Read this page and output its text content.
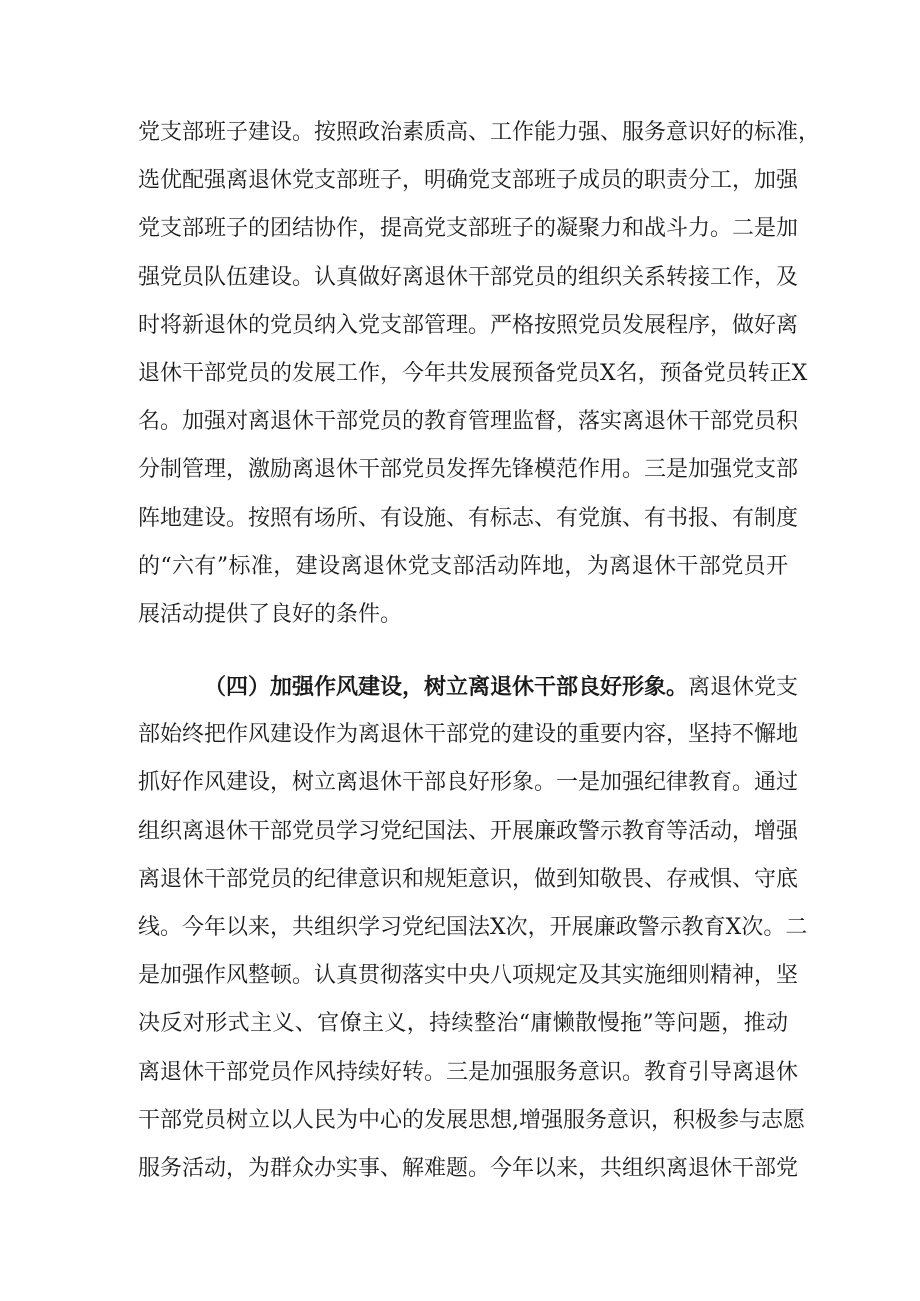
党支部班子建设。按照政治素质高、工作能力强、服务意识好的标准，
选优配强离退休党支部班子，明确党支部班子成员的职责分工，加强
党支部班子的团结协作，提高党支部班子的凝聚力和战斗力。二是加
强党员队伍建设。认真做好离退休干部党员的组织关系转接工作，及
时将新退休的党员纳入党支部管理。严格按照党员发展程序，做好离
退休干部党员的发展工作，今年共发展预备党员X名，预备党员转正X
名。加强对离退休干部党员的教育管理监督，落实离退休干部党员积
分制管理，激励离退休干部党员发挥先锋模范作用。三是加强党支部
阵地建设。按照有场所、有设施、有标志、有党旗、有书报、有制度
的“六有”标准，建设离退休党支部活动阵地，为离退休干部党员开
展活动提供了良好的条件。
（四）加强作风建设，树立离退休干部良好形象。离退休党支
部始终把作风建设作为离退休干部党的建设的重要内容，坚持不懈地
抓好作风建设，树立离退休干部良好形象。一是加强纪律教育。通过
组织离退休干部党员学习党纪国法、开展廉政警示教育等活动，增强
离退休干部党员的纪律意识和规矩意识，做到知敬畏、存戒惧、守底
线。今年以来，共组织学习党纪国法X次，开展廉政警示教育X次。二
是加强作风整顿。认真贯彻落实中央八项规定及其实施细则精神，坚
决反对形式主义、官僚主义，持续整治“庸懒散慢拖”等问题，推动
离退休干部党员作风持续好转。三是加强服务意识。教育引导离退休
干部党员树立以人民为中心的发展思想,增强服务意识，积极参与志愿
服务活动，为群众办实事、解难题。今年以来，共组织离退休干部党
